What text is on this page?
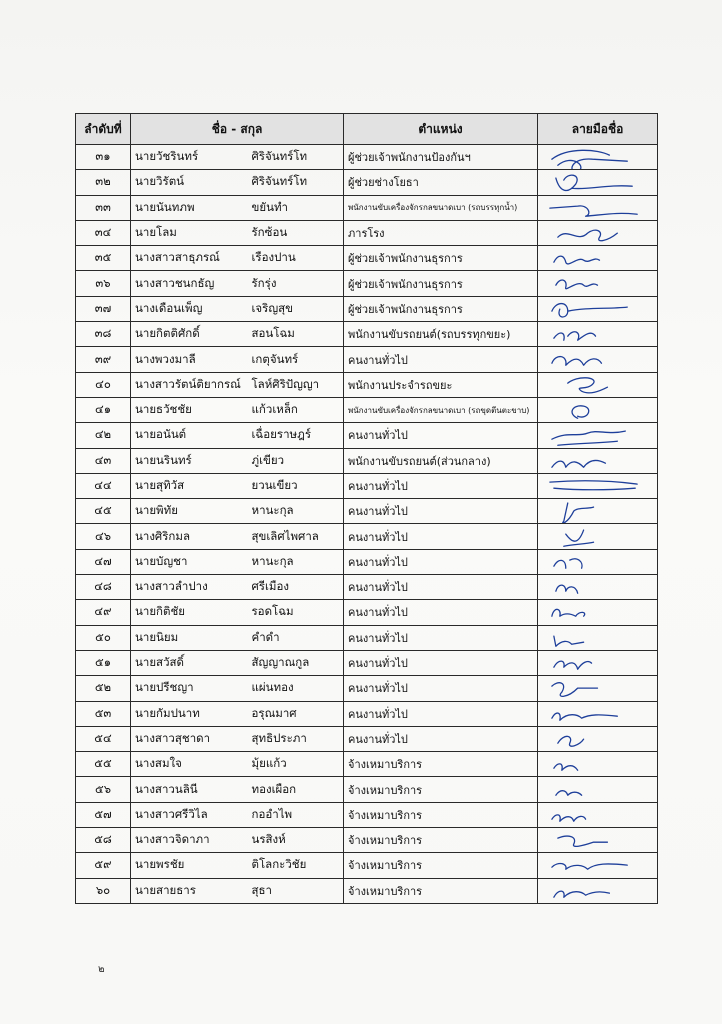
ลำดับที่	ชื่อ - สกุล		ตำแหน่ง	ลายมือชื่อ
๓๑	นายวัชรินทร์	ศิริจันทร์โท	ผู้ช่วยเจ้าพนักงานป้องกันฯ	

๓๒	นายวิรัตน์	ศิริจันทร์โท	ผู้ช่วยช่างโยธา	

๓๓	นายนันทภพ	ขยันทำ	พนักงานขับเครื่องจักรกลขนาดเบา (รถบรรทุกน้ำ)	

๓๔	นายโลม	รักซ้อน	ภารโรง	

๓๕	นางสาวสาธุภรณ์	เรืองปาน	ผู้ช่วยเจ้าพนักงานธุรการ	

๓๖	นางสาวชนกธัญ	รักรุ่ง	ผู้ช่วยเจ้าพนักงานธุรการ	

๓๗	นางเดือนเพ็ญ	เจริญสุข	ผู้ช่วยเจ้าพนักงานธุรการ	

๓๘	นายกิตติศักดิ์	สอนโฉม	พนักงานขับรถยนต์(รถบรรทุกขยะ)	

๓๙	นางพวงมาลี	เกตุจันทร์	คนงานทั่วไป	

๔๐	นางสาวรัตน์ติยากรณ์	โลห์ศิริปัญญา	พนักงานประจำรถขยะ	

๔๑	นายธวัชชัย	แก้วเหล็ก	พนักงานขับเครื่องจักรกลขนาดเบา (รถขุดตีนตะขาบ)	

๔๒	นายอนันต์	เฉื่อยราษฎร์	คนงานทั่วไป	

๔๓	นายนรินทร์	ภู่เขียว	พนักงานขับรถยนต์(ส่วนกลาง)	

๔๔	นายสุทิวัส	ยวนเขียว	คนงานทั่วไป	

๔๕	นายพิทัย	หานะกุล	คนงานทั่วไป	

๔๖	นางศิริกมล	สุขเลิศไพศาล	คนงานทั่วไป	

๔๗	นายบัญชา	หานะกุล	คนงานทั่วไป	

๔๘	นางสาวลำปาง	ศรีเมือง	คนงานทั่วไป	

๔๙	นายกิติชัย	รอดโฉม	คนงานทั่วไป	

๕๐	นายนิยม	คำดำ	คนงานทั่วไป	

๕๑	นายสวัสดิ์	สัญญาณกูล	คนงานทั่วไป	

๕๒	นายปรีชญา	แผ่นทอง	คนงานทั่วไป	

๕๓	นายกัมปนาท	อรุณมาศ	คนงานทั่วไป	

๕๔	นางสาวสุชาดา	สุทธิประภา	คนงานทั่วไป	

๕๕	นางสมใจ	มุ้ยแก้ว	จ้างเหมาบริการ	

๕๖	นางสาวนลินี	ทองเผือก	จ้างเหมาบริการ	

๕๗	นางสาวศรีวิไล	กออำไพ	จ้างเหมาบริการ	

๕๘	นางสาวจิดาภา	นรสิงห์	จ้างเหมาบริการ	

๕๙	นายพรชัย	ติโลกะวิชัย	จ้างเหมาบริการ	

๖๐	นายสายธาร	สุธา	จ้างเหมาบริการ	
๒
